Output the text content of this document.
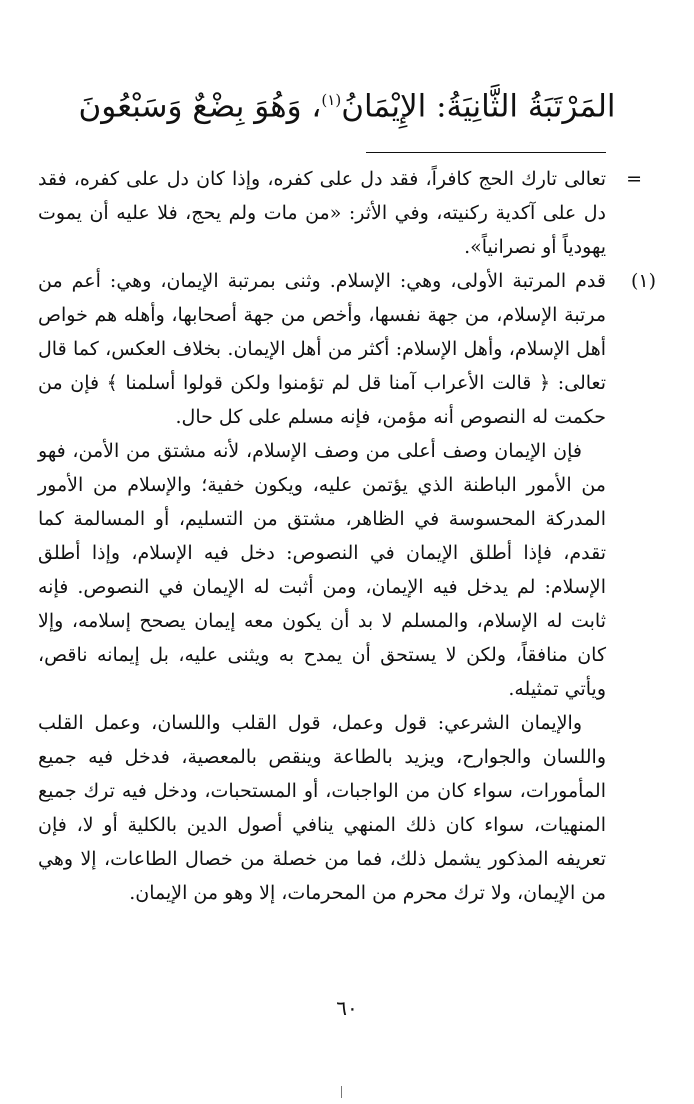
المَرْتَبَةُ الثَّانِيَةُ: الإِيْمَانُ$^{(١)}$، وَهُوَ بِضْعٌ وَسَبْعُونَ
=

تعالى تارك الحج كافراً، فقد دل على كفره، وإذا كان دل على كفره، فقد دل على آكدية ركنيته، وفي الأثر: «من مات ولم يحج، فلا عليه أن يموت يهودياً أو نصرانياً».

(١)

قدم المرتبة الأولى، وهي: الإسلام. وثنى بمرتبة الإيمان، وهي: أعم من مرتبة الإسلام، من جهة نفسها، وأخص من جهة أصحابها، وأهله هم خواص أهل الإسلام، وأهل الإسلام: أكثر من أهل الإيمان. بخلاف العكس، كما قال تعالى: ﴿ قالت الأعراب آمنا قل لم تؤمنوا ولكن قولوا أسلمنا ﴾ فإن من حكمت له النصوص أنه مؤمن، فإنه مسلم على كل حال.

فإن الإيمان وصف أعلى من وصف الإسلام، لأنه مشتق من الأمن، فهو من الأمور الباطنة الذي يؤتمن عليه، ويكون خفية؛ والإسلام من الأمور المدركة المحسوسة في الظاهر، مشتق من التسليم، أو المسالمة كما تقدم، فإذا أطلق الإيمان في النصوص: دخل فيه الإسلام، وإذا أطلق الإسلام: لم يدخل فيه الإيمان، ومن أثبت له الإيمان في النصوص. فإنه ثابت له الإسلام، والمسلم لا بد أن يكون معه إيمان يصحح إسلامه، وإلا كان منافقاً، ولكن لا يستحق أن يمدح به ويثنى عليه، بل إيمانه ناقص، ويأتي تمثيله.

والإيمان الشرعي: قول وعمل، قول القلب واللسان، وعمل القلب واللسان والجوارح، ويزيد بالطاعة وينقص بالمعصية، فدخل فيه جميع المأمورات، سواء كان من الواجبات، أو المستحبات، ودخل فيه ترك جميع المنهيات، سواء كان ذلك المنهي ينافي أصول الدين بالكلية أو لا، فإن تعريفه المذكور يشمل ذلك، فما من خصلة من خصال الطاعات، إلا وهي من الإيمان، ولا ترك محرم من المحرمات، إلا وهو من الإيمان.

٦٠
